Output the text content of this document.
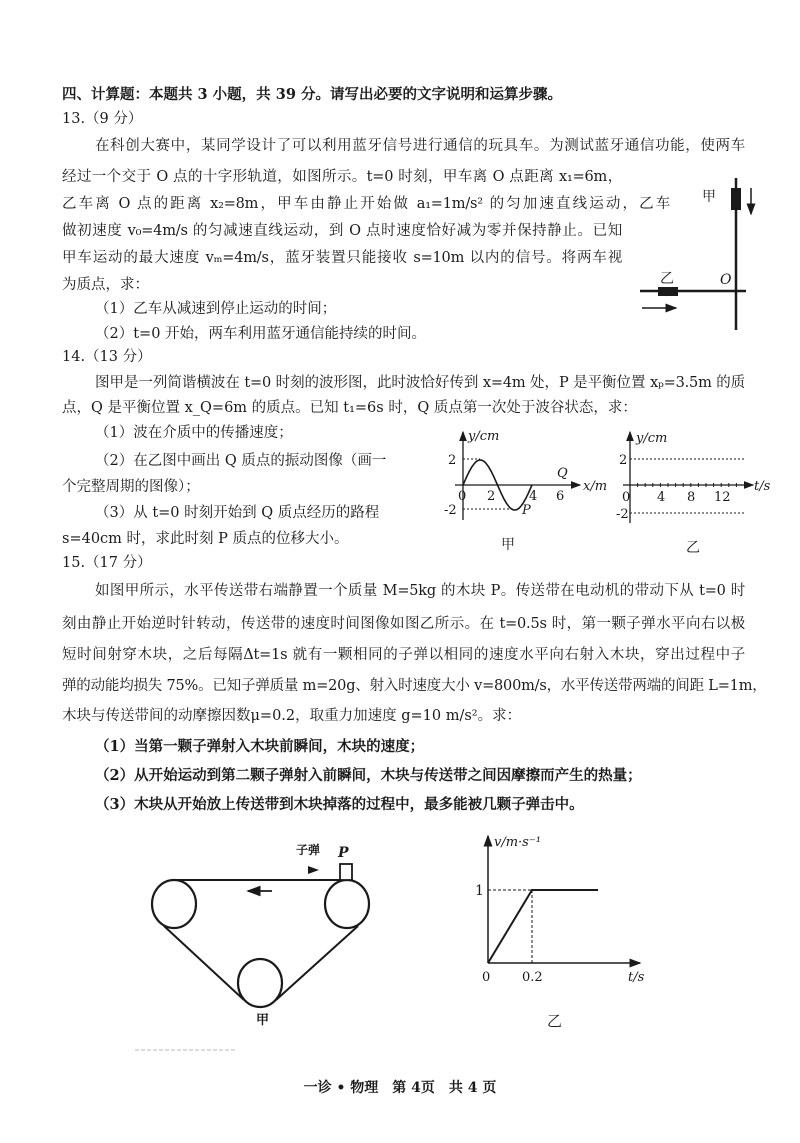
四、计算题：本题共 3 小题，共 39 分。请写出必要的文字说明和运算步骤。
13.（9 分）
在科创大赛中，某同学设计了可以利用蓝牙信号进行通信的玩具车。为测试蓝牙通信功能，使两车
经过一个交于 O 点的十字形轨道，如图所示。t=0 时刻，甲车离 O 点距离 x₁=6m，
乙车离 O 点的距离 x₂=8m，甲车由静止开始做 a₁=1m/s² 的匀加速直线运动，乙车
做初速度 v₀=4m/s 的匀减速直线运动，到 O 点时速度恰好减为零并保持静止。已知
甲车运动的最大速度 vₘ=4m/s，蓝牙装置只能接收 s=10m 以内的信号。将两车视
为质点，求：
（1）乙车从减速到停止运动的时间；
（2）t=0 开始，两车利用蓝牙通信能持续的时间。
14.（13 分）
图甲是一列简谐横波在 t=0 时刻的波形图，此时波恰好传到 x=4m 处，P 是平衡位置 xₚ=3.5m 的质
点，Q 是平衡位置 x_Q=6m 的质点。已知 t₁=6s 时，Q 质点第一次处于波谷状态，求：
（1）波在介质中的传播速度；
（2）在乙图中画出 Q 质点的振动图像（画一
个完整周期的图像）；
（3）从 t=0 时刻开始到 Q 质点经历的路程
s=40cm 时，求此时刻 P 质点的位移大小。
15.（17 分）
如图甲所示，水平传送带右端静置一个质量 M=5kg 的木块 P。传送带在电动机的带动下从 t=0 时
刻由静止开始逆时针转动，传送带的速度时间图像如图乙所示。在 t=0.5s 时，第一颗子弹水平向右以极
短时间射穿木块，之后每隔Δt=1s 就有一颗相同的子弹以相同的速度水平向右射入木块，穿出过程中子
弹的动能均损失 75%。已知子弹质量 m=20g、射入时速度大小 v=800m/s，水平传送带两端的间距 L=1m，
木块与传送带间的动摩擦因数μ=0.2，取重力加速度 g=10 m/s²。求：
（1）当第一颗子弹射入木块前瞬间，木块的速度；
（2）从开始运动到第二颗子弹射入前瞬间，木块与传送带之间因摩擦而产生的热量；
（3）木块从开始放上传送带到木块掉落的过程中，最多能被几颗子弹击中。
甲
乙	O
y/cm
x/m
2
-2
0 2	4 6
P
Q
甲
y/cm
t/s
2
-2
0 4 8 12
乙
子弹 P
甲
v/m·s⁻¹
1
0 0.2	t/s
乙
一诊 • 物理　第 4页　共 4 页
